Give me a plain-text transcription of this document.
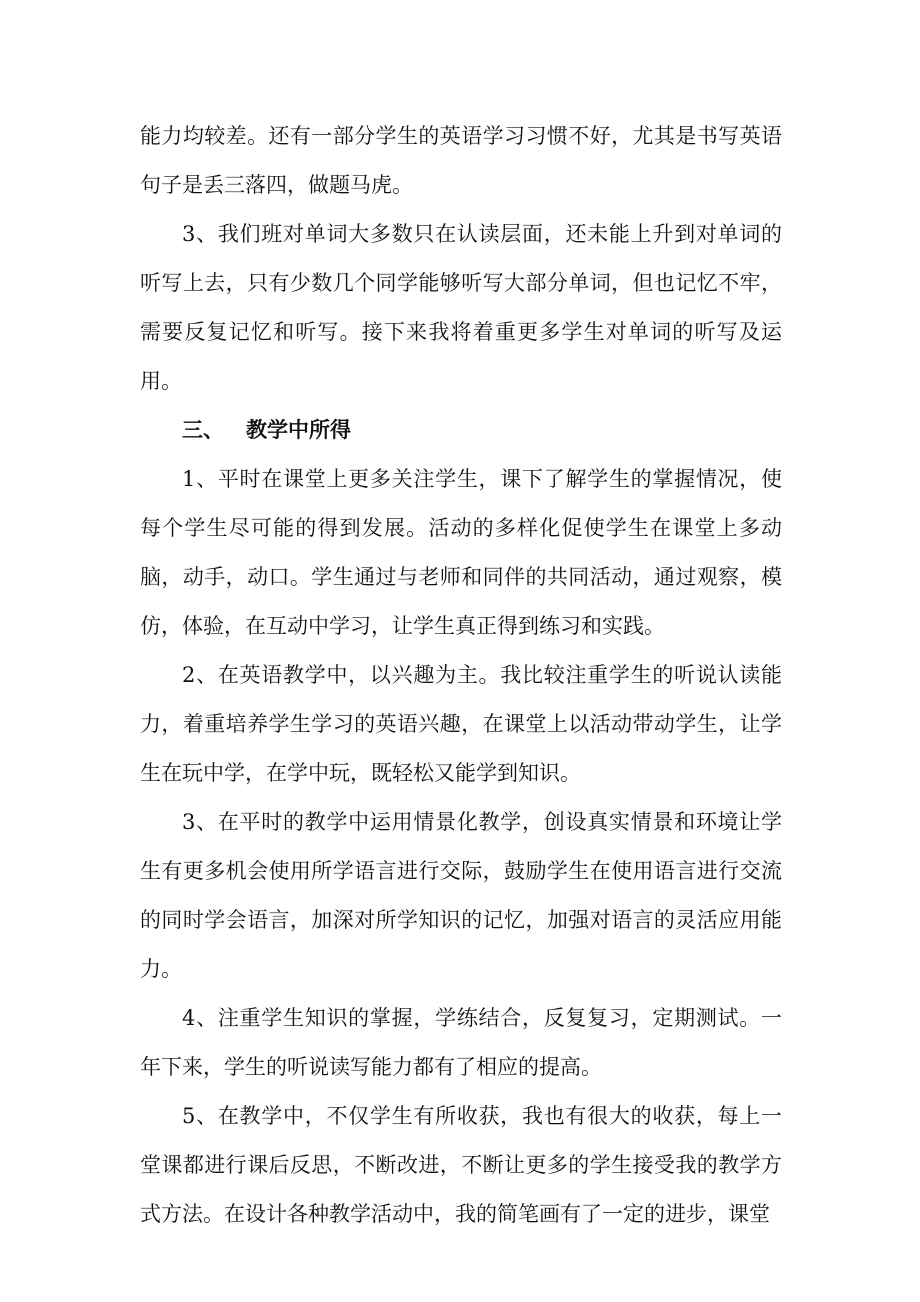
能力均较差。还有一部分学生的英语学习习惯不好，尤其是书写英语句子是丢三落四，做题马虎。

3、我们班对单词大多数只在认读层面，还未能上升到对单词的听写上去，只有少数几个同学能够听写大部分单词，但也记忆不牢，需要反复记忆和听写。接下来我将着重更多学生对单词的听写及运用。

三、 教学中所得

1、平时在课堂上更多关注学生，课下了解学生的掌握情况，使每个学生尽可能的得到发展。活动的多样化促使学生在课堂上多动脑，动手，动口。学生通过与老师和同伴的共同活动，通过观察，模仿，体验，在互动中学习，让学生真正得到练习和实践。

2、在英语教学中，以兴趣为主。我比较注重学生的听说认读能力，着重培养学生学习的英语兴趣，在课堂上以活动带动学生，让学生在玩中学，在学中玩，既轻松又能学到知识。

3、在平时的教学中运用情景化教学，创设真实情景和环境让学生有更多机会使用所学语言进行交际，鼓励学生在使用语言进行交流的同时学会语言，加深对所学知识的记忆，加强对语言的灵活应用能力。

4、注重学生知识的掌握，学练结合，反复复习，定期测试。一年下来，学生的听说读写能力都有了相应的提高。

5、在教学中，不仅学生有所收获，我也有很大的收获，每上一堂课都进行课后反思，不断改进，不断让更多的学生接受我的教学方式方法。在设计各种教学活动中，我的简笔画有了一定的进步，课堂
